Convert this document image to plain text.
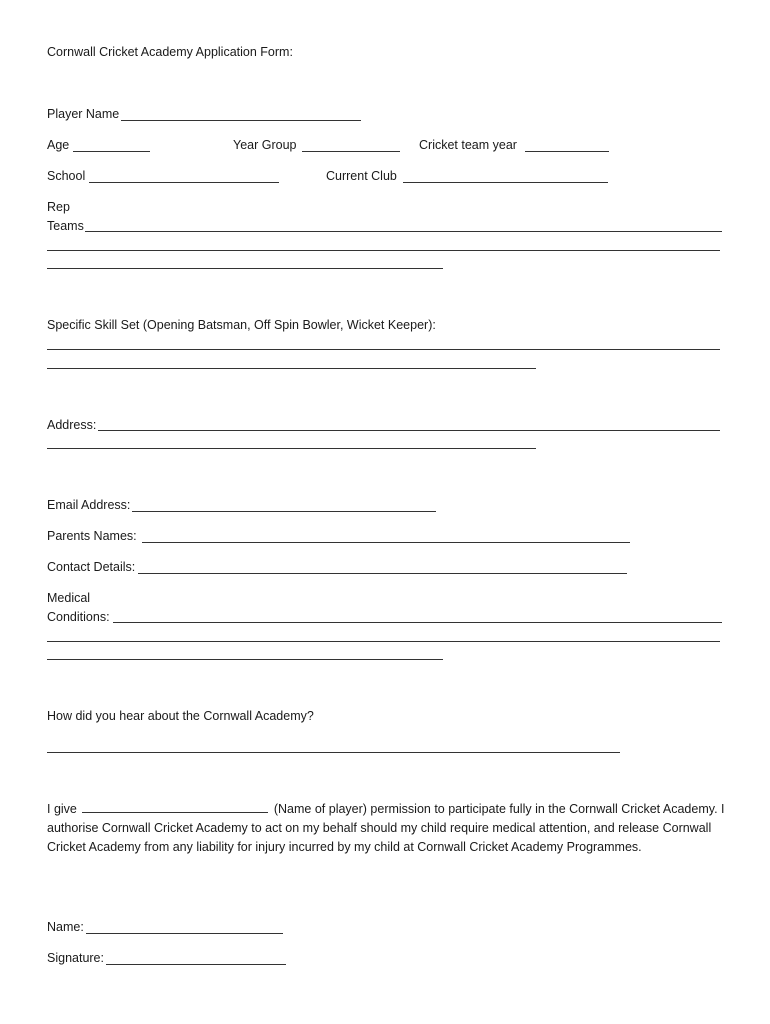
Cornwall Cricket Academy Application Form:
Player Name
Age	Year Group	Cricket team year
School	Current Club
Rep
Teams
Specific Skill Set (Opening Batsman, Off Spin Bowler, Wicket Keeper):
Address:
Email Address:
Parents Names:
Contact Details:
Medical
Conditions:
How did you hear about the Cornwall Academy?
I give	(Name of player) permission to participate fully in the Cornwall Cricket Academy. I authorise Cornwall Cricket Academy to act on my behalf should my child require medical attention, and release Cornwall Cricket Academy from any liability for injury incurred by my child at Cornwall Cricket Academy Programmes.
Name:
Signature:
